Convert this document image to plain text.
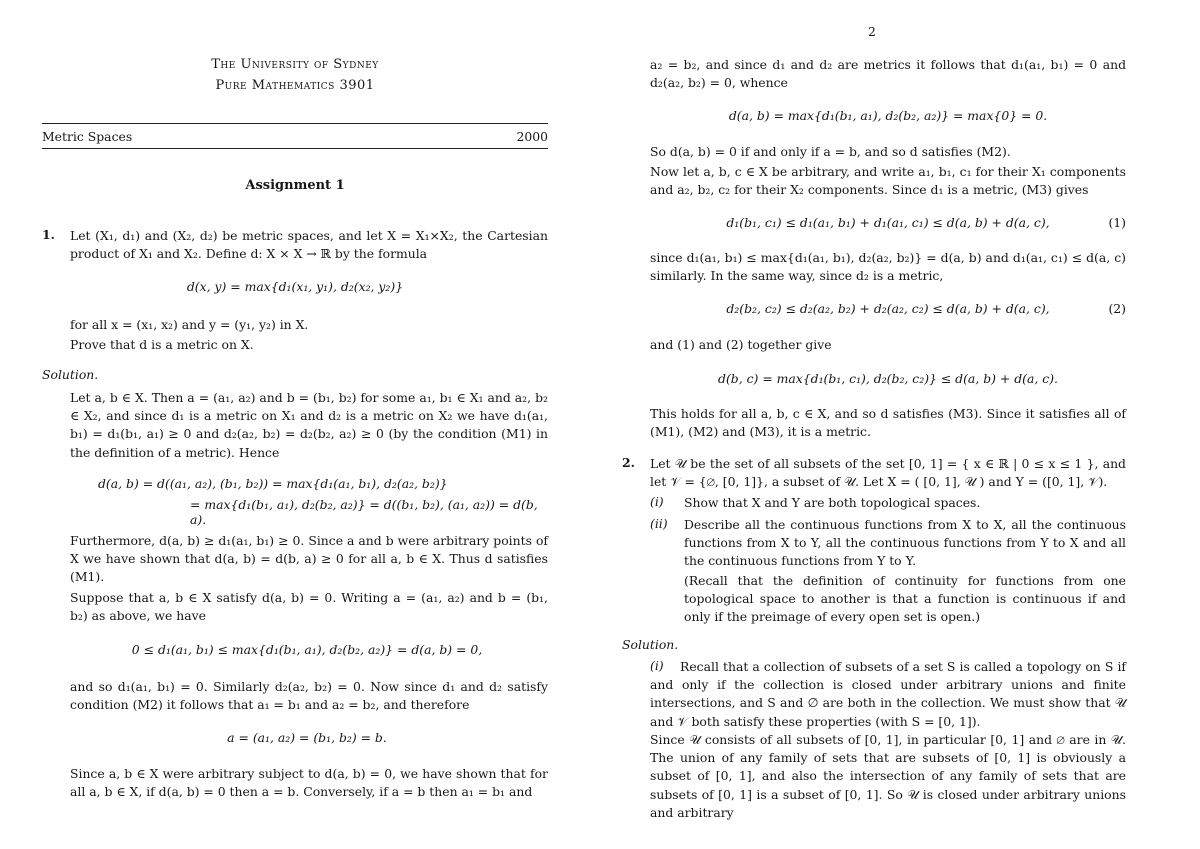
2
The University of Sydney
Pure Mathematics 3901
Metric Spaces	2000
Assignment 1
1. Let (X₁, d₁) and (X₂, d₂) be metric spaces, and let X = X₁×X₂, the Cartesian product of X₁ and X₂. Define d: X × X → ℝ by the formula
d(x, y) = max{d₁(x₁, y₁), d₂(x₂, y₂)}
for all x = (x₁, x₂) and y = (y₁, y₂) in X.
Prove that d is a metric on X.
Solution.
Let a, b ∈ X. Then a = (a₁, a₂) and b = (b₁, b₂) for some a₁, b₁ ∈ X₁ and a₂, b₂ ∈ X₂, and since d₁ is a metric on X₁ and d₂ is a metric on X₂ we have d₁(a₁, b₁) = d₁(b₁, a₁) ≥ 0 and d₂(a₂, b₂) = d₂(b₂, a₂) ≥ 0 (by the condition (M1) in the definition of a metric). Hence
d(a, b) = d((a₁, a₂), (b₁, b₂)) = max{d₁(a₁, b₁), d₂(a₂, b₂)}
= max{d₁(b₁, a₁), d₂(b₂, a₂)} = d((b₁, b₂), (a₁, a₂)) = d(b, a).
Furthermore, d(a, b) ≥ d₁(a₁, b₁) ≥ 0. Since a and b were arbitrary points of X we have shown that d(a, b) = d(b, a) ≥ 0 for all a, b ∈ X. Thus d satisfies (M1).
Suppose that a, b ∈ X satisfy d(a, b) = 0. Writing a = (a₁, a₂) and b = (b₁, b₂) as above, we have
0 ≤ d₁(a₁, b₁) ≤ max{d₁(b₁, a₁), d₂(b₂, a₂)} = d(a, b) = 0,
and so d₁(a₁, b₁) = 0. Similarly d₂(a₂, b₂) = 0. Now since d₁ and d₂ satisfy condition (M2) it follows that a₁ = b₁ and a₂ = b₂, and therefore
a = (a₁, a₂) = (b₁, b₂) = b.
Since a, b ∈ X were arbitrary subject to d(a, b) = 0, we have shown that for all a, b ∈ X, if d(a, b) = 0 then a = b. Conversely, if a = b then a₁ = b₁ and
a₂ = b₂, and since d₁ and d₂ are metrics it follows that d₁(a₁, b₁) = 0 and d₂(a₂, b₂) = 0, whence
d(a, b) = max{d₁(b₁, a₁), d₂(b₂, a₂)} = max{0} = 0.
So d(a, b) = 0 if and only if a = b, and so d satisfies (M2).
Now let a, b, c ∈ X be arbitrary, and write a₁, b₁, c₁ for their X₁ components and a₂, b₂, c₂ for their X₂ components. Since d₁ is a metric, (M3) gives
d₁(b₁, c₁) ≤ d₁(a₁, b₁) + d₁(a₁, c₁) ≤ d(a, b) + d(a, c),	(1)
since d₁(a₁, b₁) ≤ max{d₁(a₁, b₁), d₂(a₂, b₂)} = d(a, b) and d₁(a₁, c₁) ≤ d(a, c) similarly. In the same way, since d₂ is a metric,
d₂(b₂, c₂) ≤ d₂(a₂, b₂) + d₂(a₂, c₂) ≤ d(a, b) + d(a, c),	(2)
and (1) and (2) together give
d(b, c) = max{d₁(b₁, c₁), d₂(b₂, c₂)} ≤ d(a, b) + d(a, c).
This holds for all a, b, c ∈ X, and so d satisfies (M3). Since it satisfies all of (M1), (M2) and (M3), it is a metric.
2. Let 𝒰 be the set of all subsets of the set [0, 1] = { x ∈ ℝ | 0 ≤ x ≤ 1 }, and let 𝒱 = {∅, [0, 1]}, a subset of 𝒰. Let X = ( [0, 1], 𝒰 ) and Y = ([0, 1], 𝒱).
(i) Show that X and Y are both topological spaces.
(ii) Describe all the continuous functions from X to X, all the continuous functions from X to Y, all the continuous functions from Y to X and all the continuous functions from Y to Y.
(Recall that the definition of continuity for functions from one topological space to another is that a function is continuous if and only if the preimage of every open set is open.)
Solution.
(i)	Recall that a collection of subsets of a set S is called a topology on S if and only if the collection is closed under arbitrary unions and finite intersections, and S and ∅ are both in the collection. We must show that 𝒰 and 𝒱 both satisfy these properties (with S = [0, 1]).
Since 𝒰 consists of all subsets of [0, 1], in particular [0, 1] and ∅ are in 𝒰. The union of any family of sets that are subsets of [0, 1] is obviously a subset of [0, 1], and also the intersection of any family of sets that are subsets of [0, 1] is a subset of [0, 1]. So 𝒰 is closed under arbitrary unions and arbitrary
